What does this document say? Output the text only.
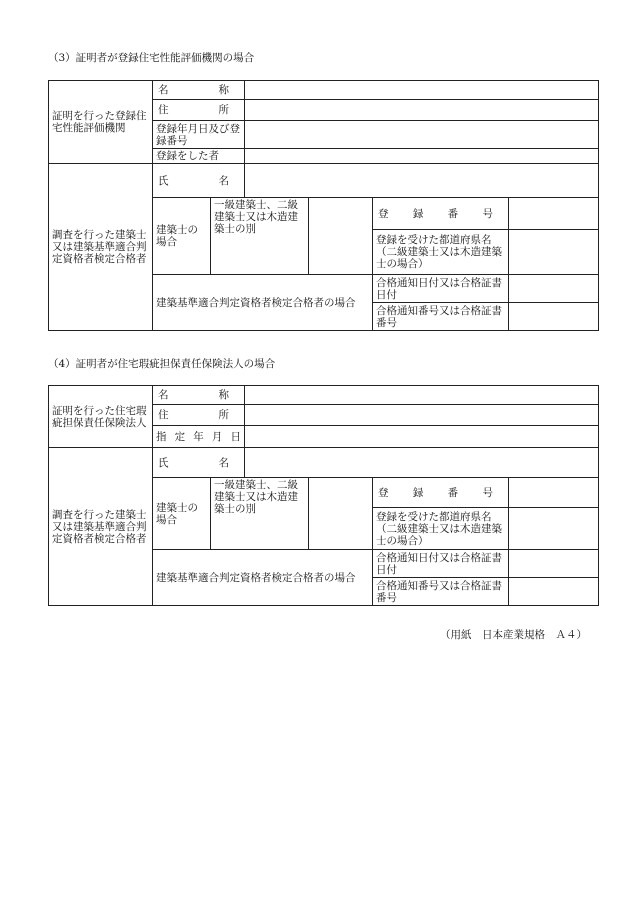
（3）証明者が登録住宅性能評価機関の場合
証明を行った登録住宅性能評価機関	名 称					

	住 所					

	登録年月日及び登録番号					
	登録をした者					
調査を行った建築士又は建築基準適合判定資格者検定合格者	氏 名					

	建築士の場合	一級建築士、二級建築士又は木造建築士の別			登 録 番 号	

					登録を受けた都道府県名（二級建築士又は木造建築士の場合）	
	建築基準適合判定資格者検定合格者の場合				合格通知日付又は合格証書日付	
					合格通知番号又は合格証書番号	
（4）証明者が住宅瑕疵担保責任保険法人の場合
証明を行った住宅瑕疵担保責任保険法人	名 称					

	住 所					

	指 定 年 月 日					

調査を行った建築士又は建築基準適合判定資格者検定合格者	氏 名					

	建築士の場合	一級建築士、二級建築士又は木造建築士の別			登 録 番 号	

					登録を受けた都道府県名（二級建築士又は木造建築士の場合）	
	建築基準適合判定資格者検定合格者の場合				合格通知日付又は合格証書日付	
					合格通知番号又は合格証書番号	
（用紙　日本産業規格　Ａ４）
